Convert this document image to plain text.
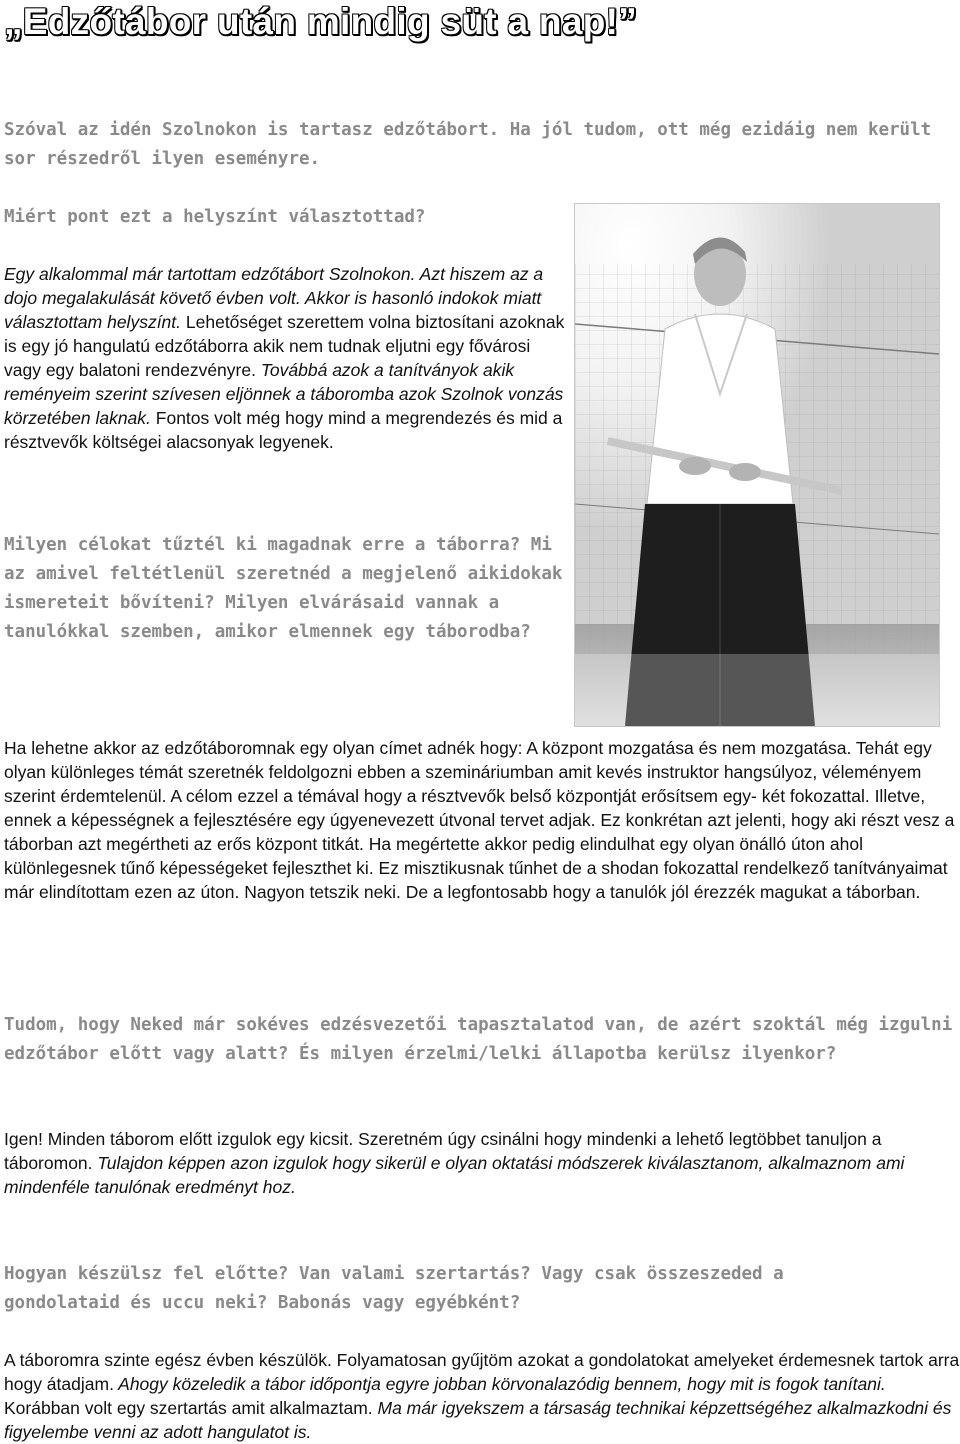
„Edzőtábor után mindig süt a nap!”

Szóval az idén Szolnokon is tartasz edzőtábort. Ha jól tudom, ott még ezidáig nem került sor részedről ilyen eseményre.

Miért pont ezt a helyszínt választottad?

Egy alkalommal már tartottam edzőtábort Szolnokon. Azt hiszem az a dojo megalakulását követő évben volt. Akkor is hasonló indokok miatt választottam helyszínt. Lehetőséget szerettem volna biztosítani azoknak is egy jó hangulatú edzőtáborra akik nem tudnak eljutni egy fővárosi vagy egy balatoni rendezvényre. Továbbá azok a tanítványok akik reményeim szerint szívesen eljönnek a táboromba azok Szolnok vonzás körzetében laknak. Fontos volt még hogy mind a megrendezés és mid a résztvevők költségei alacsonyak legyenek.

Milyen célokat tűztél ki magadnak erre a táborra? Mi az amivel feltétlenül szeretnéd a megjelenő aikidokak ismereteit bővíteni? Milyen elvárásaid vannak a tanulókkal szemben, amikor elmennek egy táborodba?

Ha lehetne akkor az edzőtáboromnak egy olyan címet adnék hogy: A központ mozgatása és nem mozgatása. Tehát egy olyan különleges témát szeretnék feldolgozni ebben a szemináriumban amit kevés instruktor hangsúlyoz, véleményem szerint érdemtelenül. A célom ezzel a témával hogy a résztvevők belső központját erősítsem egy- két fokozattal. Illetve, ennek a képességnek a fejlesztésére egy úgyenevezett útvonal tervet adjak. Ez konkrétan azt jelenti, hogy aki részt vesz a táborban azt megértheti az erős központ titkát. Ha megértette akkor pedig elindulhat egy olyan önálló úton ahol különlegesnek tűnő képességeket fejleszthet ki. Ez misztikusnak tűnhet de a shodan fokozattal rendelkező tanítványaimat már elindítottam ezen az úton. Nagyon tetszik neki. De a legfontosabb hogy a tanulók jól érezzék magukat a táborban.

Tudom, hogy Neked már sokéves edzésvezetői tapasztalatod van, de azért szoktál még izgulni edzőtábor előtt vagy alatt? És milyen érzelmi/lelki állapotba kerülsz ilyenkor?

Igen! Minden táborom előtt izgulok egy kicsit. Szeretném úgy csinálni hogy mindenki a lehető legtöbbet tanuljon a táboromon. Tulajdon képpen azon izgulok hogy sikerül e olyan oktatási módszerek kiválasztanom, alkalmaznom ami mindenféle tanulónak eredményt hoz.

Hogyan készülsz fel előtte? Van valami szertartás? Vagy csak összeszeded a gondolataid és uccu neki? Babonás vagy egyébként?

A táboromra szinte egész évben készülök. Folyamatosan gyűjtöm azokat a gondolatokat amelyeket érdemesnek tartok arra hogy átadjam. Ahogy közeledik a tábor időpontja egyre jobban körvonalazódig bennem, hogy mit is fogok tanítani. Korábban volt egy szertartás amit alkalmaztam. Ma már igyekszem a társaság technikai képzettségéhez alkalmazkodni és figyelembe venni az adott hangulatot is.
